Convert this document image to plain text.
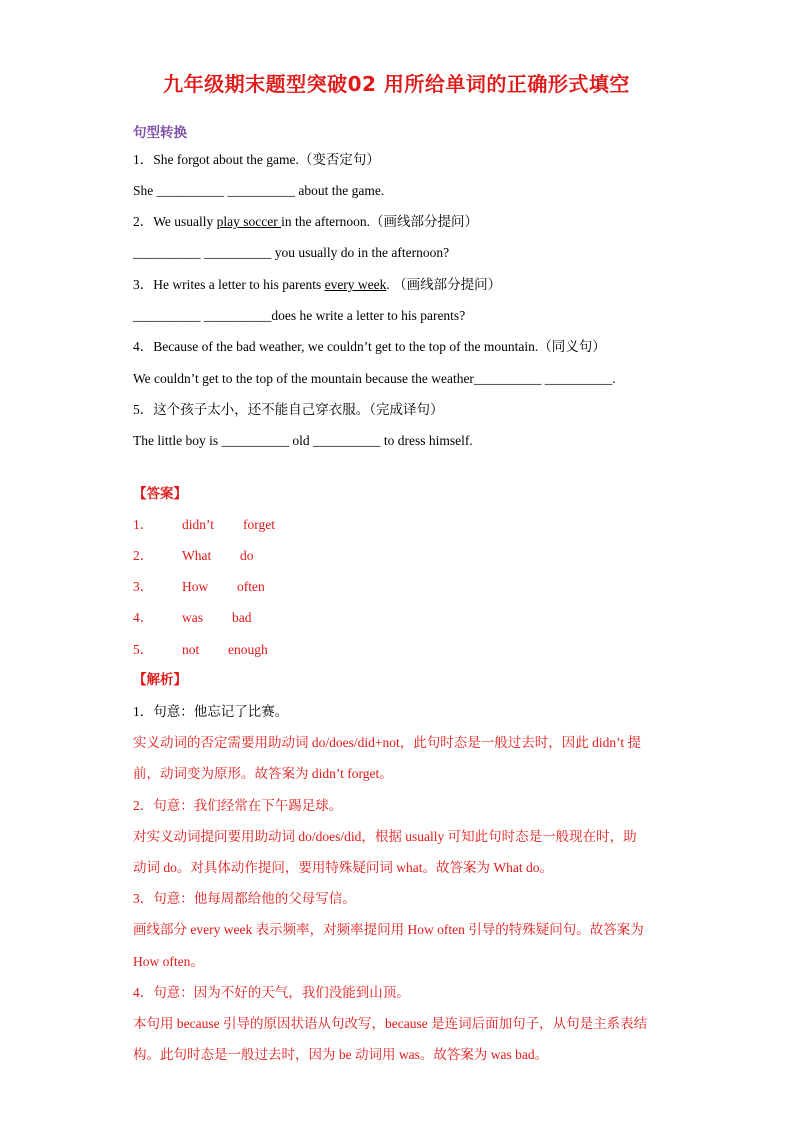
九年级期末题型突破02 用所给单词的正确形式填空
句型转换
1．She forgot about the game.（变否定句）
She __________ __________ about the game.
2．We usually play soccer in the afternoon.（画线部分提问）
__________ __________ you usually do in the afternoon?
3．He writes a letter to his parents every week. （画线部分提问）
__________ __________does he write a letter to his parents?
4．Because of the bad weather, we couldn’t get to the top of the mountain.（同义句）
We couldn’t get to the top of the mountain because the weather__________ __________.
5．这个孩子太小，还不能自己穿衣服。（完成译句）
The little boy is __________ old __________ to dress himself.
【答案】
1． didn’t forget
2． What do
3． How often
4． was bad
5． not enough
【解析】
1．句意：他忘记了比赛。
实义动词的否定需要用助动词 do/does/did+not，此句时态是一般过去时，因此 didn’t 提
前，动词变为原形。故答案为 didn’t forget。
2．句意：我们经常在下午踢足球。
对实义动词提问要用助动词 do/does/did，根据 usually 可知此句时态是一般现在时，助
动词 do。对具体动作提问，要用特殊疑问词 what。故答案为 What do。
3．句意：他每周都给他的父母写信。
画线部分 every week 表示频率，对频率提问用 How often 引导的特殊疑问句。故答案为
How often。
4．句意：因为不好的天气，我们没能到山顶。
本句用 because 引导的原因状语从句改写，because 是连词后面加句子，从句是主系表结
构。此句时态是一般过去时，因为 be 动词用 was。故答案为 was bad。
